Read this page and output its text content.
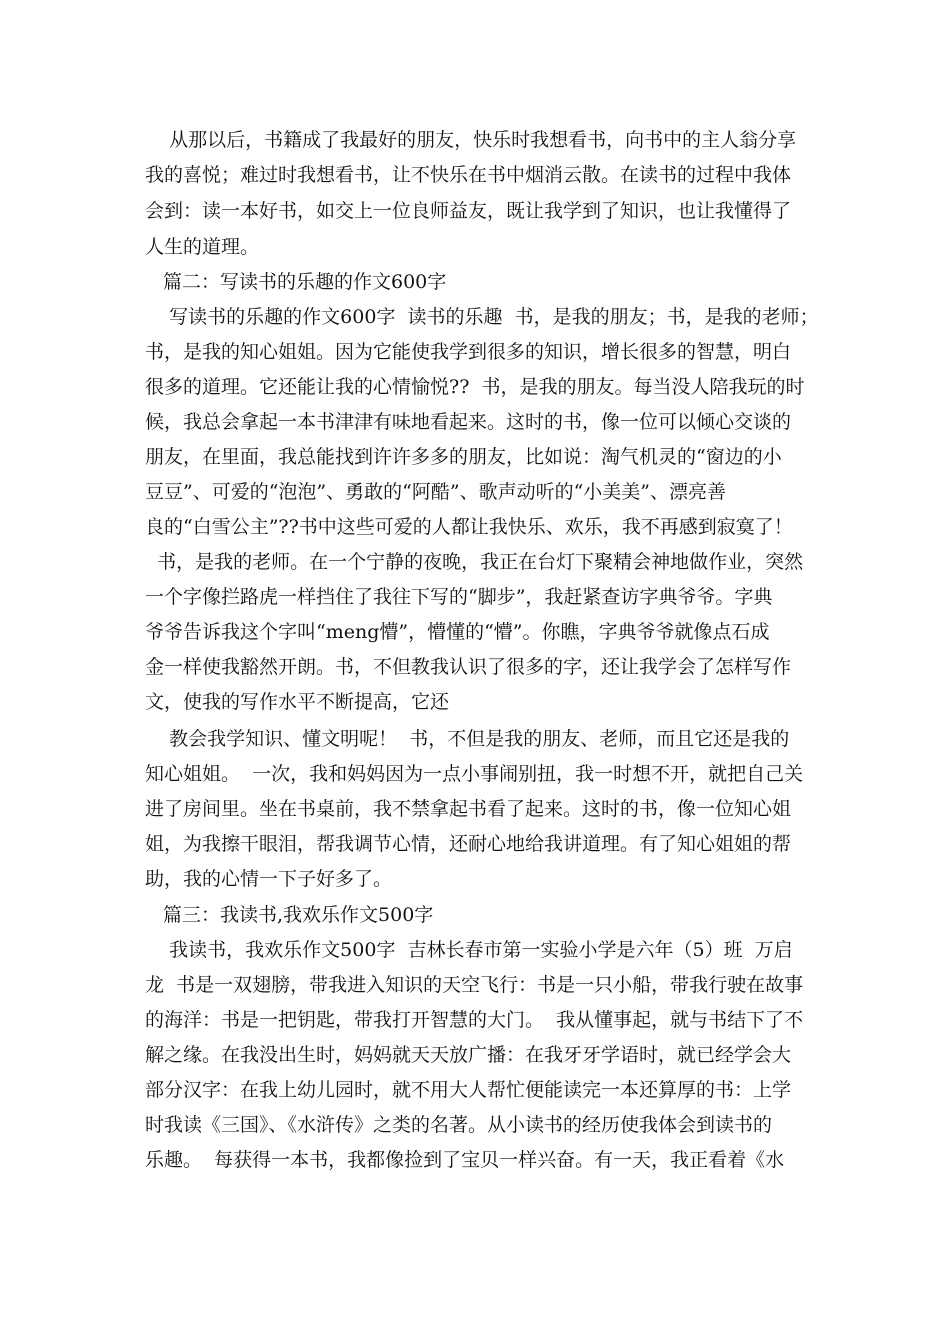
从那以后，书籍成了我最好的朋友，快乐时我想看书，向书中的主人翁分享
我的喜悦；难过时我想看书，让不快乐在书中烟消云散。在读书的过程中我体
会到：读一本好书，如交上一位良师益友，既让我学到了知识，也让我懂得了
人生的道理。
篇二：写读书的乐趣的作文600字
写读书的乐趣的作文600字  读书的乐趣  书，是我的朋友；书，是我的老师；
书，是我的知心姐姐。因为它能使我学到很多的知识，增长很多的智慧，明白
很多的道理。它还能让我的心情愉悦??  书，是我的朋友。每当没人陪我玩的时
候，我总会拿起一本书津津有味地看起来。这时的书，像一位可以倾心交谈的
朋友，在里面，我总能找到许许多多的朋友，比如说：淘气机灵的“窗边的小
豆豆”、可爱的“泡泡”、勇敢的“阿酷”、歌声动听的“小美美”、漂亮善
良的“白雪公主”??书中这些可爱的人都让我快乐、欢乐，我不再感到寂寞了！
书，是我的老师。在一个宁静的夜晚，我正在台灯下聚精会神地做作业，突然
一个字像拦路虎一样挡住了我往下写的“脚步”，我赶紧查访字典爷爷。字典
爷爷告诉我这个字叫“meng懵”，懵懂的“懵”。你瞧，字典爷爷就像点石成
金一样使我豁然开朗。书，不但教我认识了很多的字，还让我学会了怎样写作
文，使我的写作水平不断提高，它还
教会我学知识、懂文明呢！  书，不但是我的朋友、老师，而且它还是我的
知心姐姐。  一次，我和妈妈因为一点小事闹别扭，我一时想不开，就把自己关
进了房间里。坐在书桌前，我不禁拿起书看了起来。这时的书，像一位知心姐
姐，为我擦干眼泪，帮我调节心情，还耐心地给我讲道理。有了知心姐姐的帮
助，我的心情一下子好多了。
篇三：我读书,我欢乐作文500字
我读书，我欢乐作文500字  吉林长春市第一实验小学是六年（5）班  万启
龙  书是一双翅膀，带我进入知识的天空飞行：书是一只小船，带我行驶在故事
的海洋：书是一把钥匙，带我打开智慧的大门。  我从懂事起，就与书结下了不
解之缘。在我没出生时，妈妈就天天放广播：在我牙牙学语时，就已经学会大
部分汉字：在我上幼儿园时，就不用大人帮忙便能读完一本还算厚的书：上学
时我读《三国》、《水浒传》之类的名著。从小读书的经历使我体会到读书的
乐趣。  每获得一本书，我都像捡到了宝贝一样兴奋。有一天，我正看着《水
